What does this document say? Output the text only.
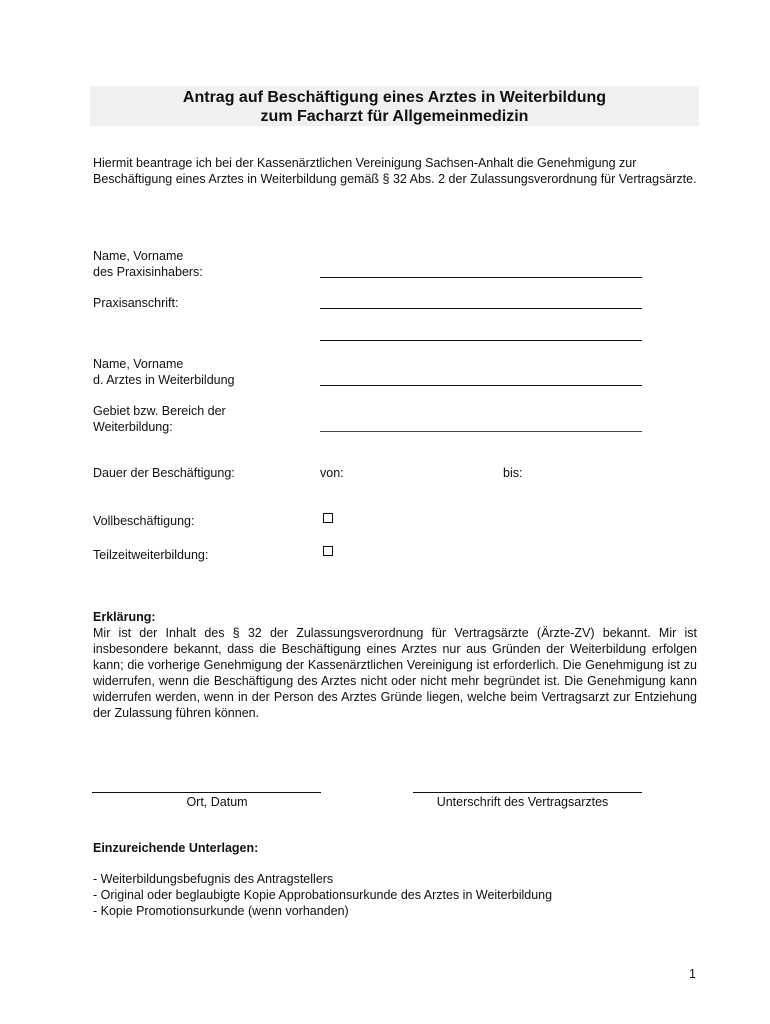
Antrag auf Beschäftigung eines Arztes in Weiterbildung
zum Facharzt für Allgemeinmedizin
Hiermit beantrage ich bei der Kassenärztlichen Vereinigung Sachsen-Anhalt die Genehmigung zur Beschäftigung eines Arztes in Weiterbildung gemäß § 32 Abs. 2 der Zulassungsverordnung für Vertragsärzte.
Name, Vorname
des Praxisinhabers:
Praxisanschrift:
Name, Vorname
d. Arztes in Weiterbildung
Gebiet bzw. Bereich der
Weiterbildung:
Dauer der Beschäftigung:	von:	bis:
Vollbeschäftigung:
Teilzeitweiterbildung:
Erklärung:
Mir ist der Inhalt des § 32 der Zulassungsverordnung für Vertragsärzte (Ärzte-ZV) bekannt. Mir ist insbesondere bekannt, dass die Beschäftigung eines Arztes nur aus Gründen der Weiterbildung erfolgen kann; die vorherige Genehmigung der Kassenärztlichen Vereinigung ist erforderlich. Die Genehmigung ist zu widerrufen, wenn die Beschäftigung des Arztes nicht oder nicht mehr begründet ist. Die Genehmigung kann widerrufen werden, wenn in der Person des Arztes Gründe liegen, welche beim Vertragsarzt zur Entziehung der Zulassung führen können.
Ort, Datum	Unterschrift des Vertragsarztes
Einzureichende Unterlagen:
- Weiterbildungsbefugnis des Antragstellers
- Original oder beglaubigte Kopie Approbationsurkunde des Arztes in Weiterbildung
- Kopie Promotionsurkunde (wenn vorhanden)
1
